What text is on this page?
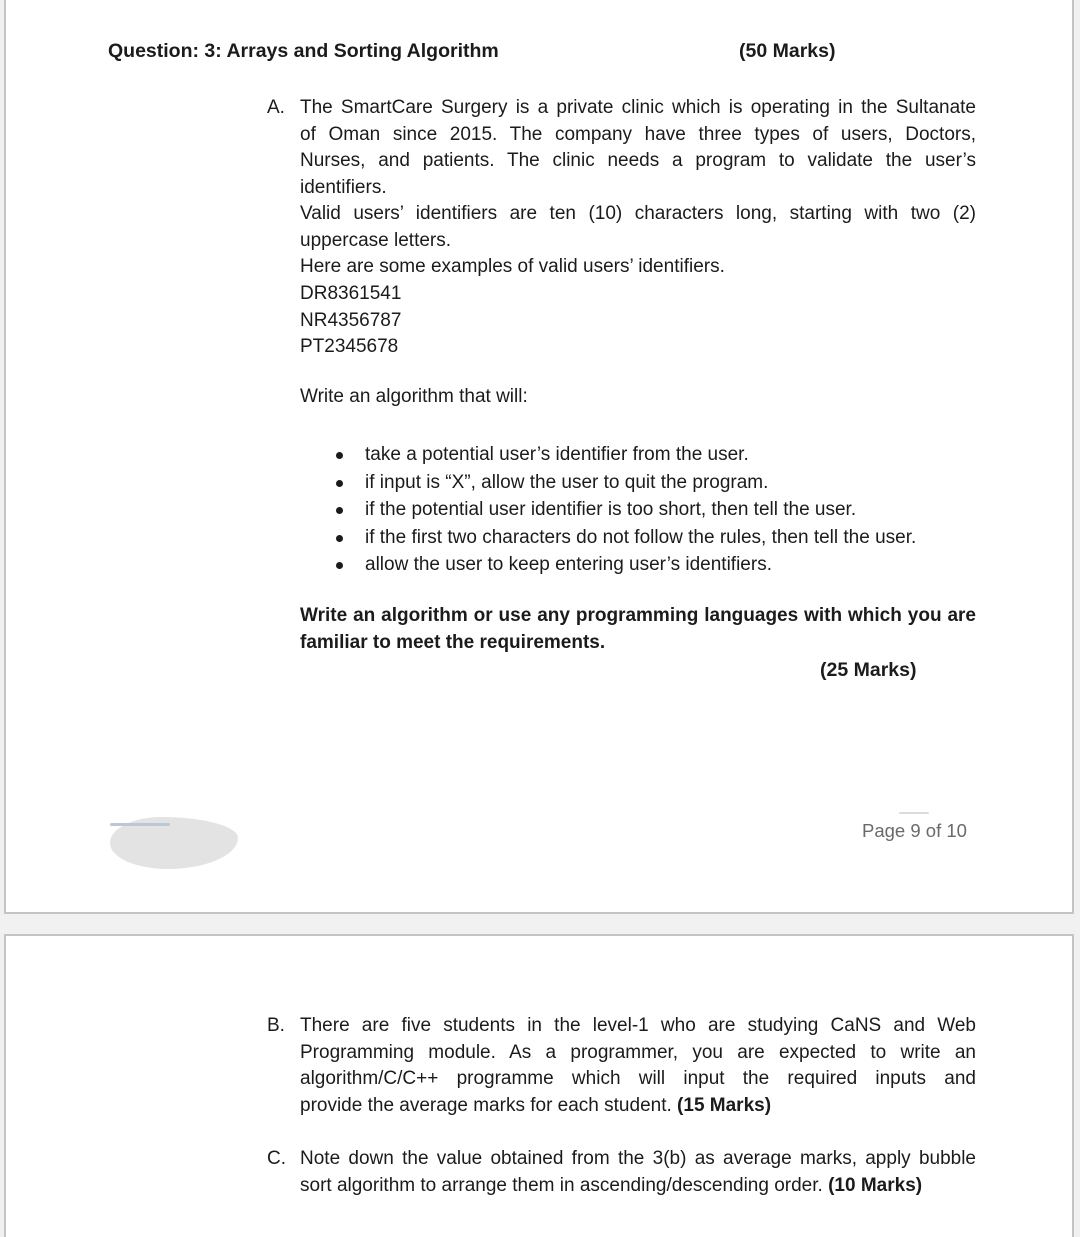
Question: 3: Arrays and Sorting Algorithm	(50 Marks)
A. The SmartCare Surgery is a private clinic which is operating in the Sultanate
of Oman since 2015. The company have three types of users, Doctors,
Nurses, and patients. The clinic needs a program to validate the user’s
identifiers.
Valid users’ identifiers are ten (10) characters long, starting with two (2)
uppercase letters.
Here are some examples of valid users’ identifiers.
DR8361541
NR4356787
PT2345678
Write an algorithm that will:
take a potential user’s identifier from the user.
if input is “X”, allow the user to quit the program.
if the potential user identifier is too short, then tell the user.
if the first two characters do not follow the rules, then tell the user.
allow the user to keep entering user’s identifiers.
Write an algorithm or use any programming languages with which you are
familiar to meet the requirements.
(25 Marks)
Page 9 of 10
B. There are five students in the level-1 who are studying CaNS and Web
Programming module. As a programmer, you are expected to write an
algorithm/C/C++ programme which will input the required inputs and
provide the average marks for each student. (15 Marks)
C. Note down the value obtained from the 3(b) as average marks, apply bubble
sort algorithm to arrange them in ascending/descending order. (10 Marks)
